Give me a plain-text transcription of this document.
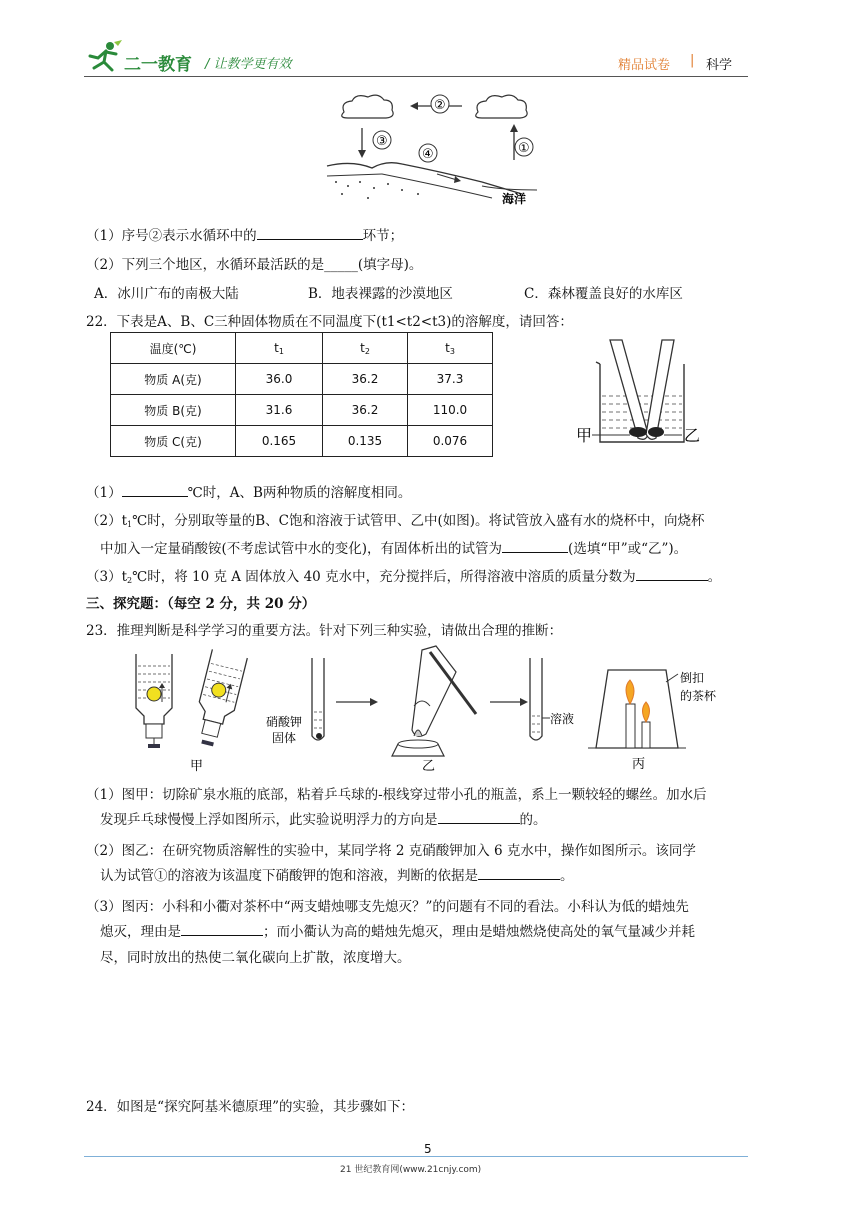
二一教育 / 让教学更有效	精品试卷 | 科学
②
③	①
④
海洋
（1）序号②表示水循环中的	环节；
（2）下列三个地区，水循环最活跃的是_____(填字母)。
A．冰川广布的南极大陆	B．地表裸露的沙漠地区	C．森林覆盖良好的水库区
22．下表是A、B、C三种固体物质在不同温度下(t1<t2<t3)的溶解度，请回答：
温度(℃)	$t_1$	$t_2$	$t_3$
物质 A(克)	36.0	36.2	37.3
物质 B(克)	31.6	36.2	110.0
物质 C(克)	0.165	0.135	0.076	甲	乙
（1）	℃时，A、B两种物质的溶解度相同。
$(2)t_1℃$时，分别取等量的B、C饱和溶液于试管甲、乙中(如图)。将试管放入盛有水的烧杯中，向烧杯
中加入一定量硝酸铵(不考虑试管中水的变化)，有固体析出的试管为	(选填“甲”或“乙”)。
$(3)t_2℃$时，将 10 克 A 固体放入 40 克水中，充分搅拌后，所得溶液中溶质的质量分数为	。
三、探究题：（每空 2 分，共 20 分）
23．推理判断是科学学习的重要方法。针对下列三种实验，请做出合理的推断：
甲
硝酸钾
固体
乙
溶液
倒扣
的茶杯
丙
（1）图甲：切除矿泉水瓶的底部，粘着乒乓球的-根线穿过带小孔的瓶盖，系上一颗较轻的螺丝。加水后
发现乒乓球慢慢上浮如图所示，此实验说明浮力的方向是	的。
（2）图乙：在研究物质溶解性的实验中，某同学将 2 克硝酸钾加入 6 克水中，操作如图所示。该同学
认为试管①的溶液为该温度下硝酸钾的饱和溶液，判断的依据是	。
（3）图丙：小科和小衢对茶杯中“两支蜡烛哪支先熄灭？”的问题有不同的看法。小科认为低的蜡烛先
熄灭，理由是	；而小衢认为高的蜡烛先熄灭，理由是蜡烛燃烧使高处的氧气量减少并耗
尽，同时放出的热使二氧化碳向上扩散，浓度增大。
24．如图是“探究阿基米德原理”的实验，其步骤如下：
5
21 世纪教育网(www.21cnjy.com)
